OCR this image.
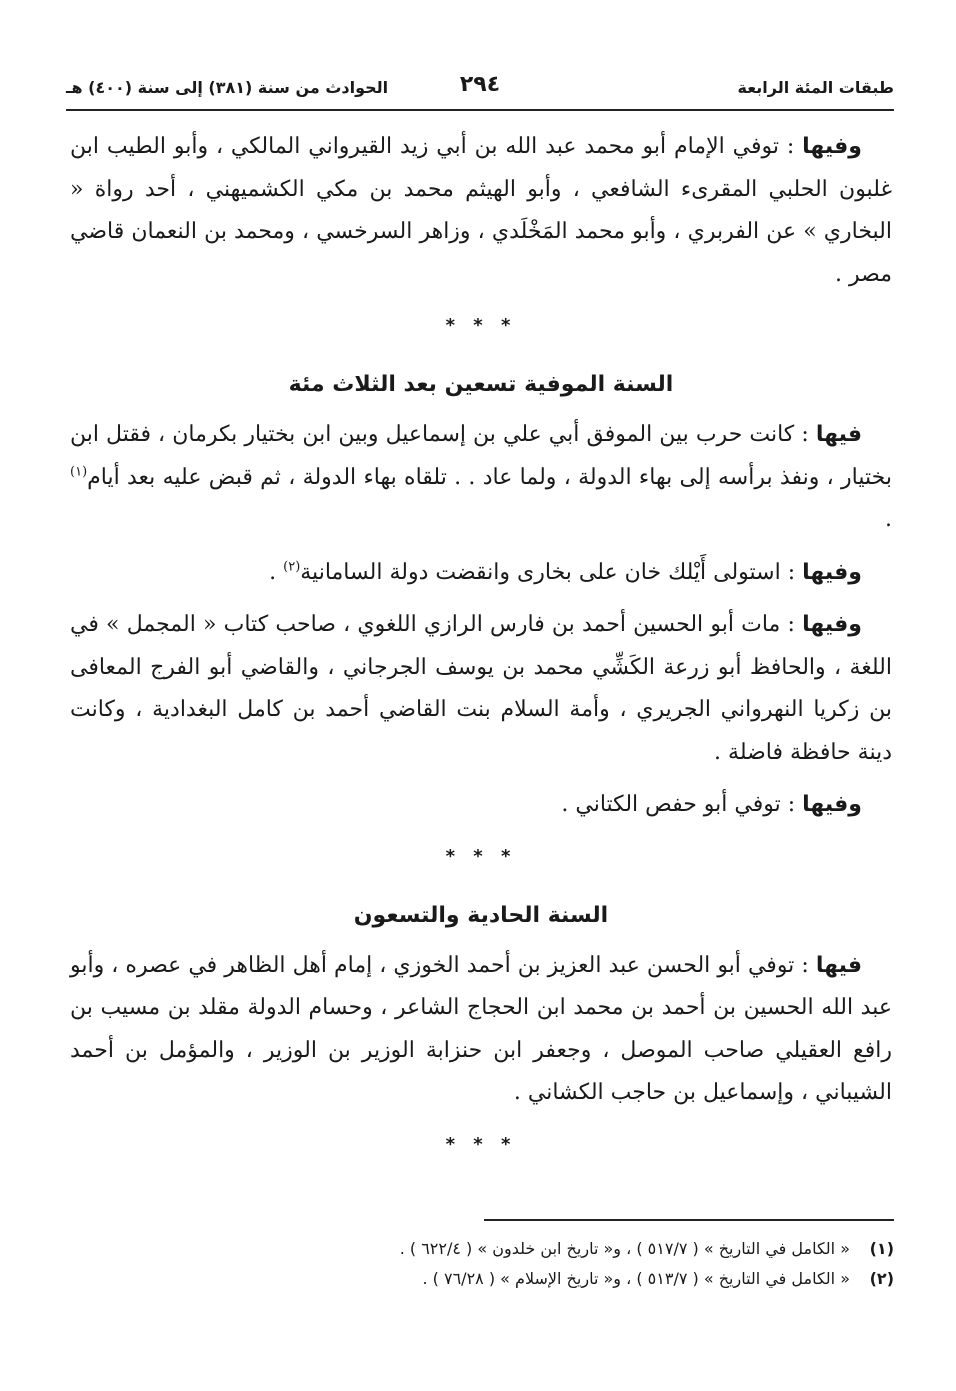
طبقات المئة الرابعة
٢٩٤
الحوادث من سنة (٣٨١) إلى سنة (٤٠٠) هـ

وفيها : توفي الإمام أبو محمد عبد الله بن أبي زيد القيرواني المالكي ، وأبو الطيب ابن غلبون الحلبي المقرىء الشافعي ، وأبو الهيثم محمد بن مكي الكشميهني ، أحد رواة « البخاري » عن الفربري ، وأبو محمد المَخْلَدي ، وزاهر السرخسي ، ومحمد بن النعمان قاضي مصر .

* * *
السنة الموفية تسعين بعد الثلاث مئة

فيها : كانت حرب بين الموفق أبي علي بن إسماعيل وبين ابن بختيار بكرمان ، فقتل ابن بختيار ، ونفذ برأسه إلى بهاء الدولة ، ولما عاد . . تلقاه بهاء الدولة ، ثم قبض عليه بعد أيام$^{(١)}$ .

وفيها : استولى أَيْلك خان على بخارى وانقضت دولة السامانية$^{(٢)}$ .

وفيها : مات أبو الحسين أحمد بن فارس الرازي اللغوي ، صاحب كتاب « المجمل » في اللغة ، والحافظ أبو زرعة الكَشِّي محمد بن يوسف الجرجاني ، والقاضي أبو الفرج المعافى بن زكريا النهرواني الجريري ، وأمة السلام بنت القاضي أحمد بن كامل البغدادية ، وكانت دينة حافظة فاضلة .

وفيها : توفي أبو حفص الكتاني .

* * *
السنة الحادية والتسعون

فيها : توفي أبو الحسن عبد العزيز بن أحمد الخوزي ، إمام أهل الظاهر في عصره ، وأبو عبد الله الحسين بن أحمد بن محمد ابن الحجاج الشاعر ، وحسام الدولة مقلد بن مسيب بن رافع العقيلي صاحب الموصل ، وجعفر ابن حنزابة الوزير بن الوزير ، والمؤمل بن أحمد الشيباني ، وإسماعيل بن حاجب الكشاني .

* * *
(١)
« الكامل في التاريخ » ( ٥١٧/٧ ) ، و« تاريخ ابن خلدون » ( ٦٢٢/٤ ) .
(٢)
« الكامل في التاريخ » ( ٥١٣/٧ ) ، و« تاريخ الإسلام » ( ٧٦/٢٨ ) .
